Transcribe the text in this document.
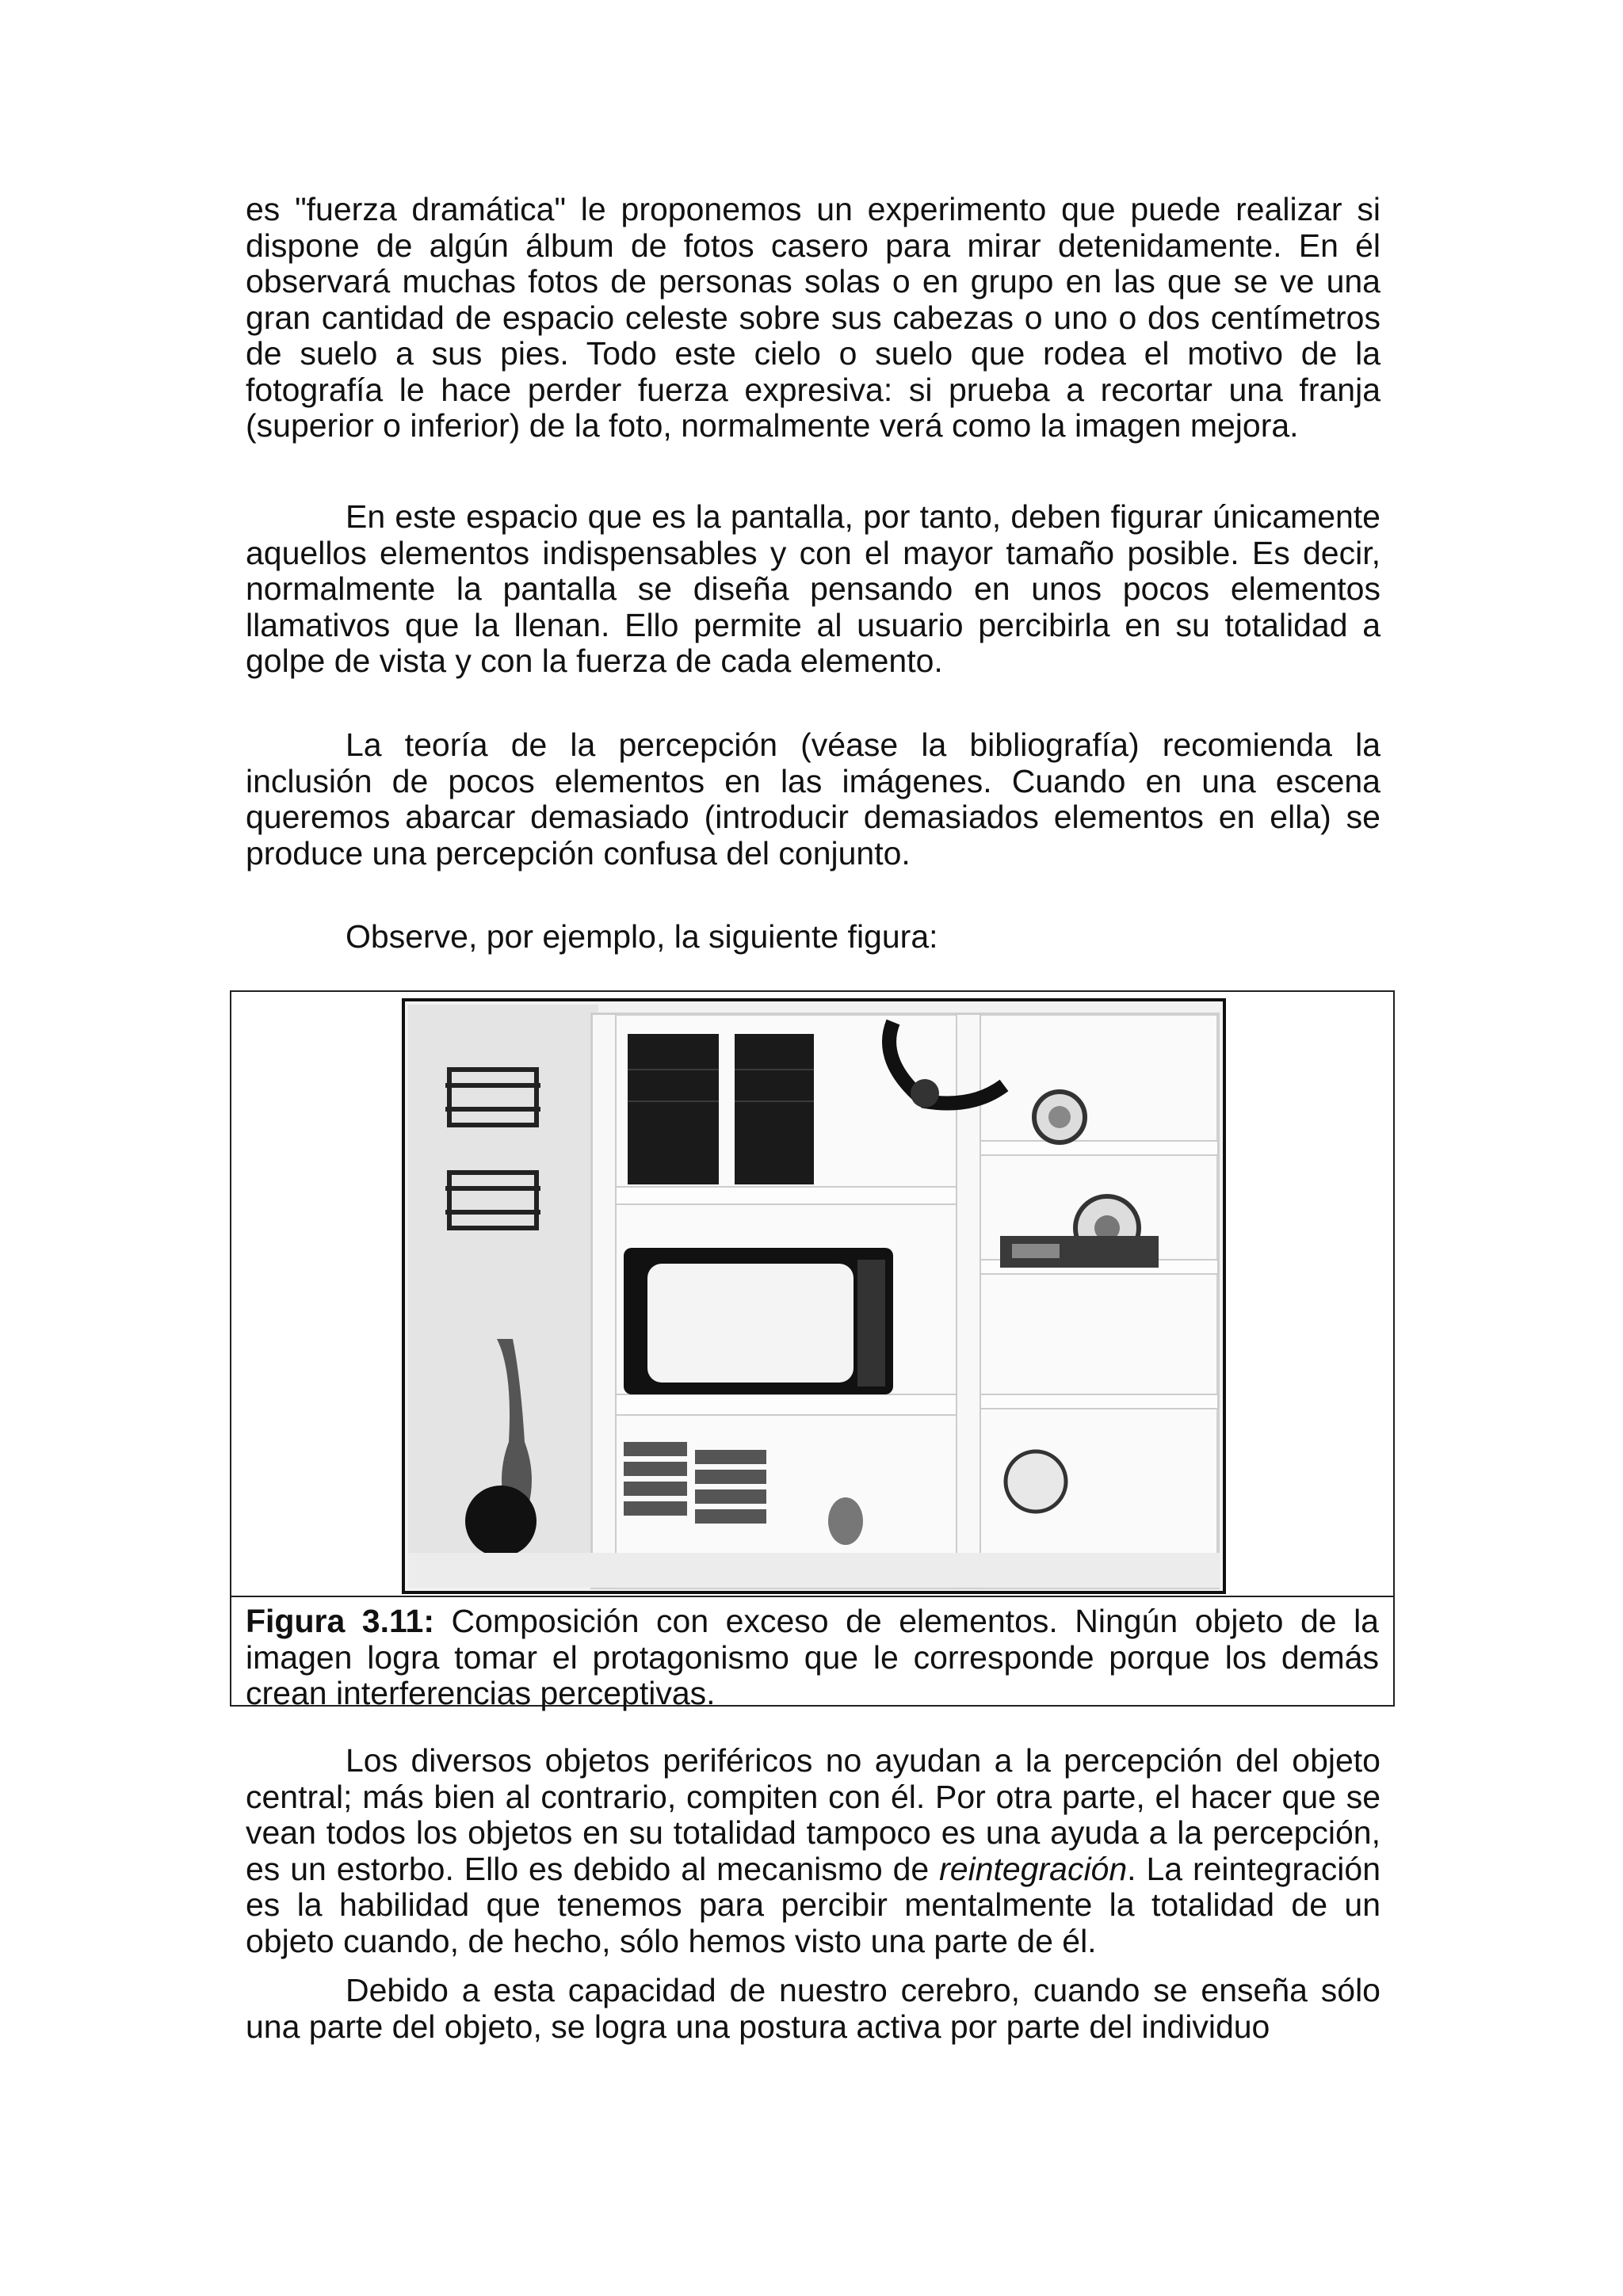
es "fuerza dramática" le proponemos un experimento que puede realizar si dispone de algún álbum de fotos casero para mirar detenidamente. En él observará muchas fotos de personas solas o en grupo en las que se ve una gran cantidad de espacio celeste sobre sus cabezas o uno o dos centímetros de suelo a sus pies. Todo este cielo o suelo que rodea el motivo de la fotografía le hace perder fuerza expresiva: si prueba a recortar una franja (superior o inferior) de la foto, normalmente verá como la imagen mejora.

En este espacio que es la pantalla, por tanto, deben figurar únicamente aquellos elementos indispensables y con el mayor tamaño posible. Es decir, normalmente la pantalla se diseña pensando en unos pocos elementos llamativos que la llenan. Ello permite al usuario percibirla en su totalidad a golpe de vista y con la fuerza de cada elemento.

La teoría de la percepción (véase la bibliografía) recomienda la inclusión de pocos elementos en las imágenes. Cuando en una escena queremos abarcar demasiado (introducir demasiados elementos en ella) se produce una percepción confusa del conjunto.

Observe, por ejemplo, la siguiente figura:

Figura 3.11: Composición con exceso de elementos. Ningún objeto de la imagen logra tomar el protagonismo que le corresponde porque los demás crean interferencias perceptivas.

Los diversos objetos periféricos no ayudan a la percepción del objeto central; más bien al contrario, compiten con él. Por otra parte, el hacer que se vean todos los objetos en su totalidad tampoco es una ayuda a la percepción, es un estorbo. Ello es debido al mecanismo de reintegración. La reintegración es la habilidad que tenemos para percibir mentalmente la totalidad de un objeto cuando, de hecho, sólo hemos visto una parte de él.

Debido a esta capacidad de nuestro cerebro, cuando se enseña sólo una parte del objeto, se logra una postura activa por parte del individuo
